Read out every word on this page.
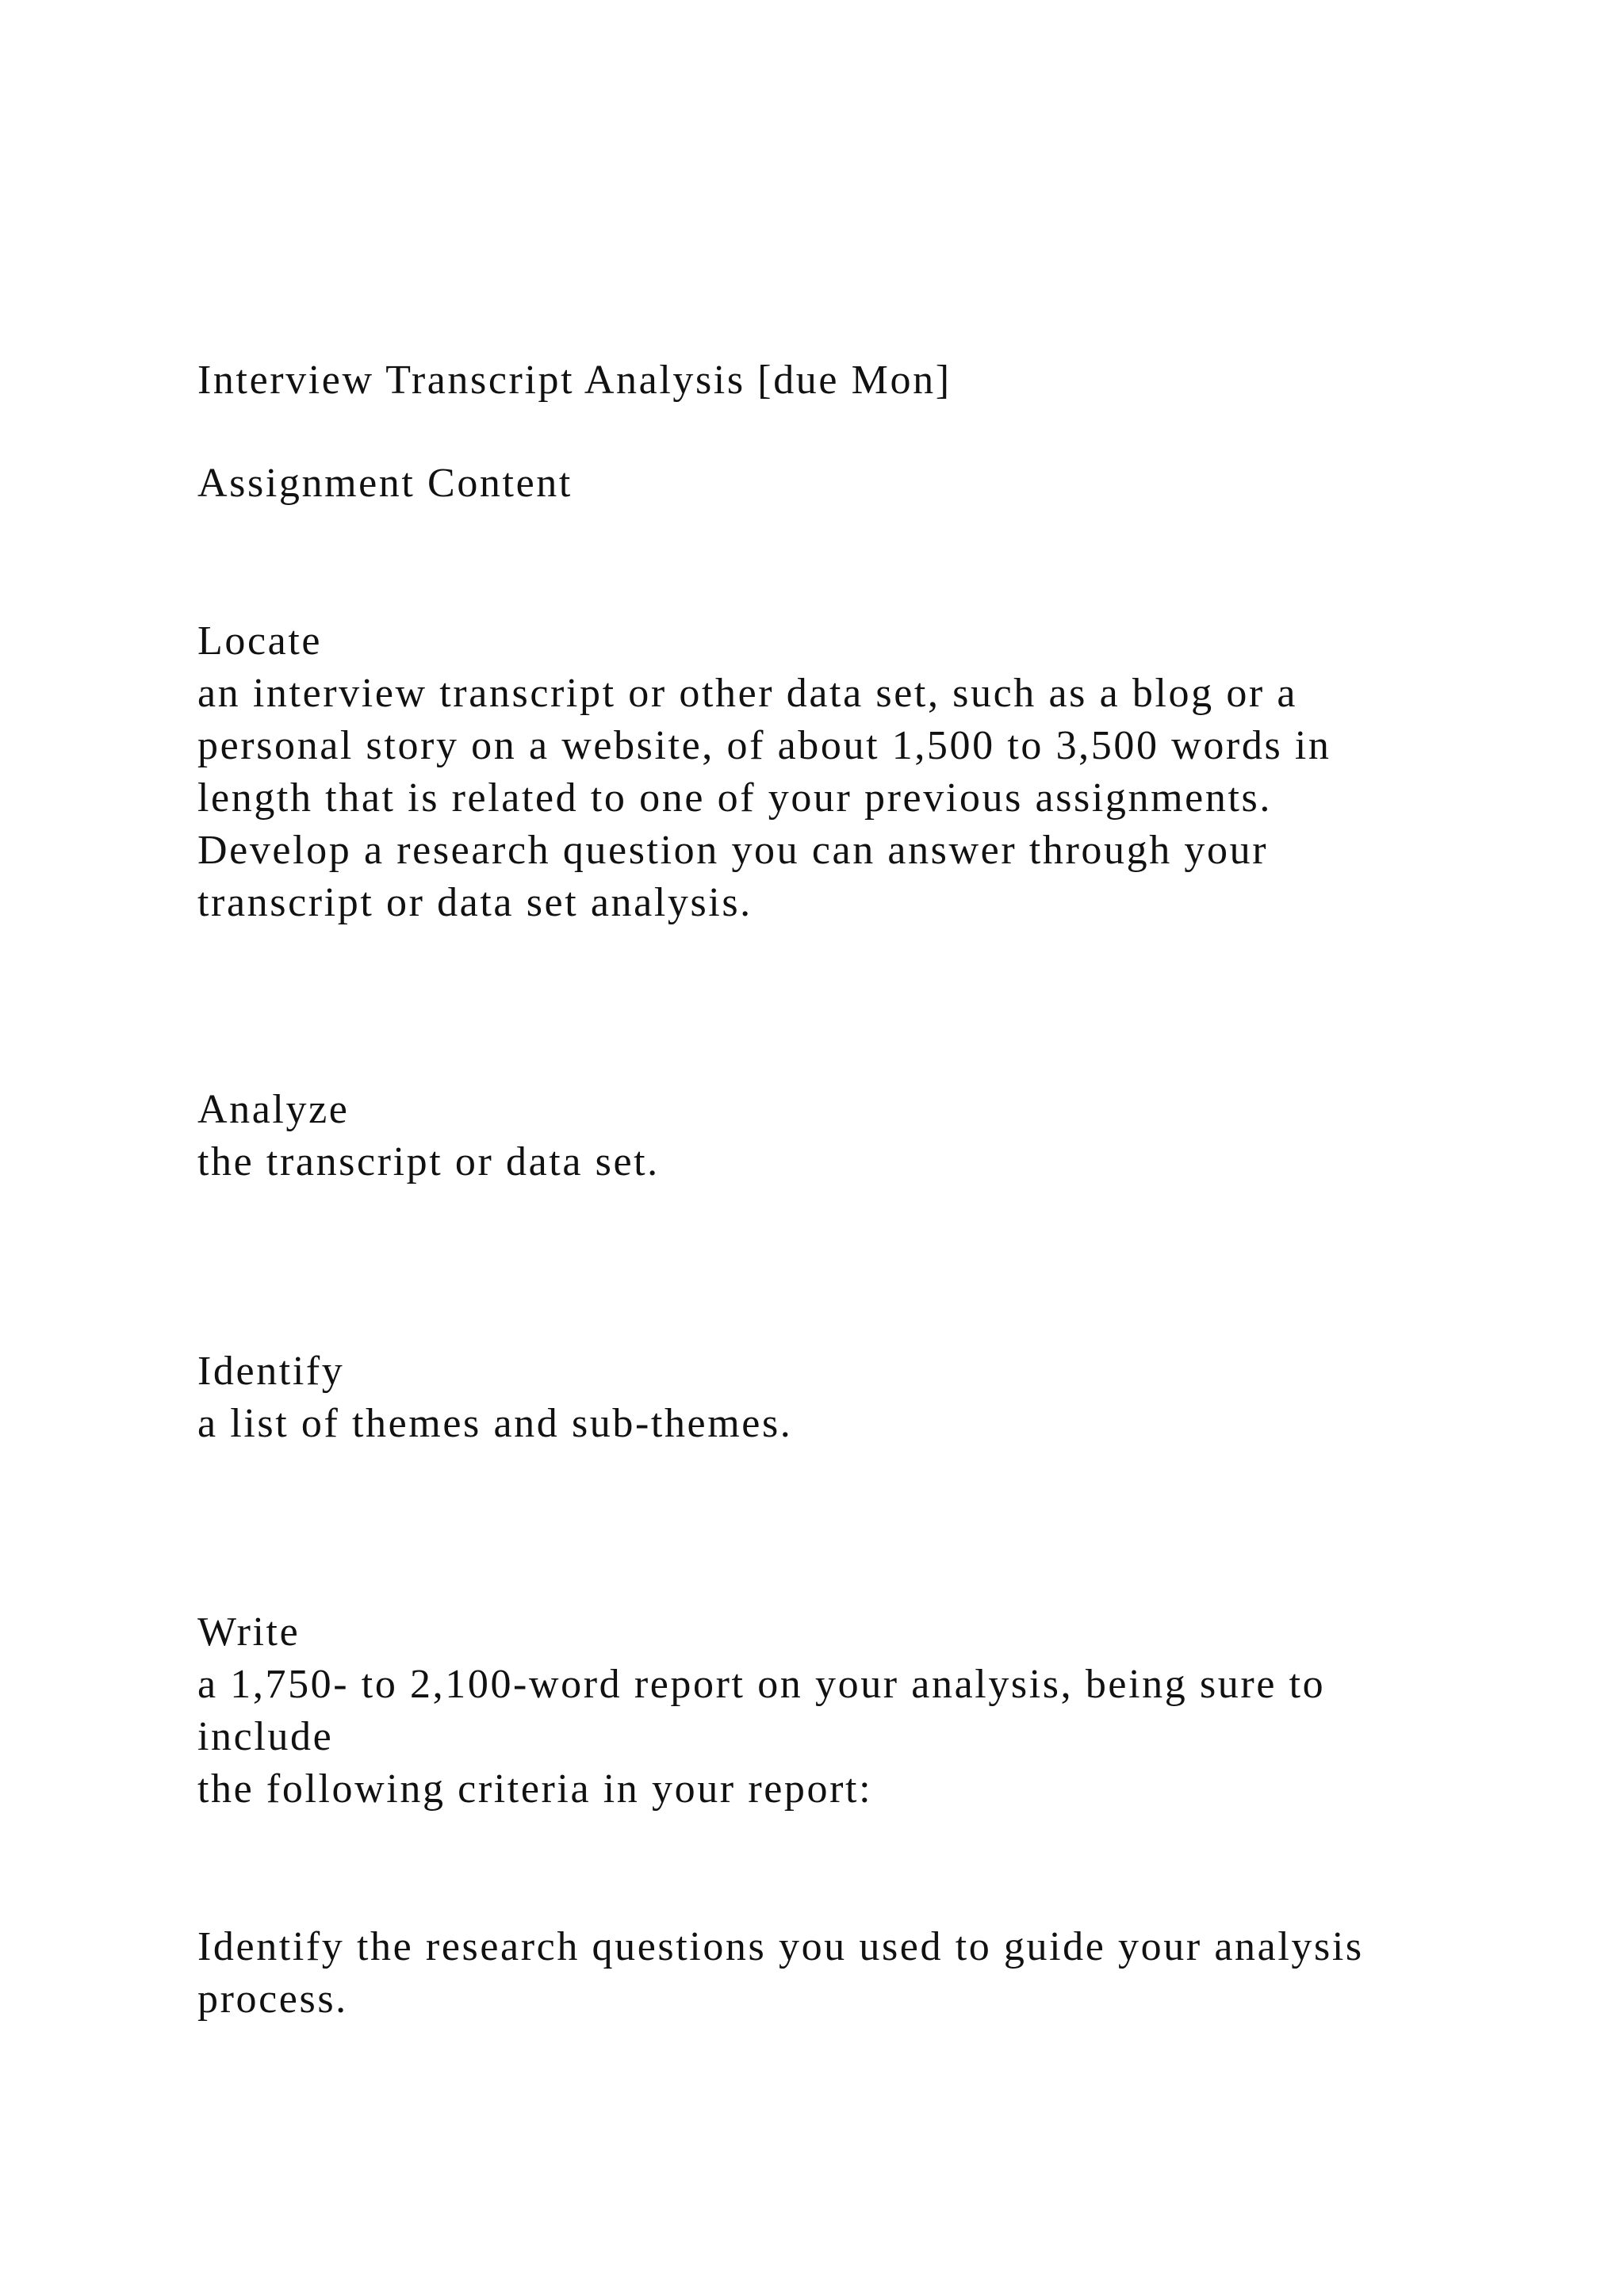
Interview Transcript Analysis [due Mon]

Assignment Content

Locate

an interview transcript or other data set, such as a blog or a

personal story on a website, of about 1,500 to 3,500 words in

length that is related to one of your previous assignments.

Develop a research question you can answer through your

transcript or data set analysis.

Analyze

the transcript or data set.

Identify

a list of themes and sub-themes.

Write

a 1,750- to 2,100-word report on your analysis, being sure to

include

the following criteria in your report:

Identify the research questions you used to guide your analysis

process.
